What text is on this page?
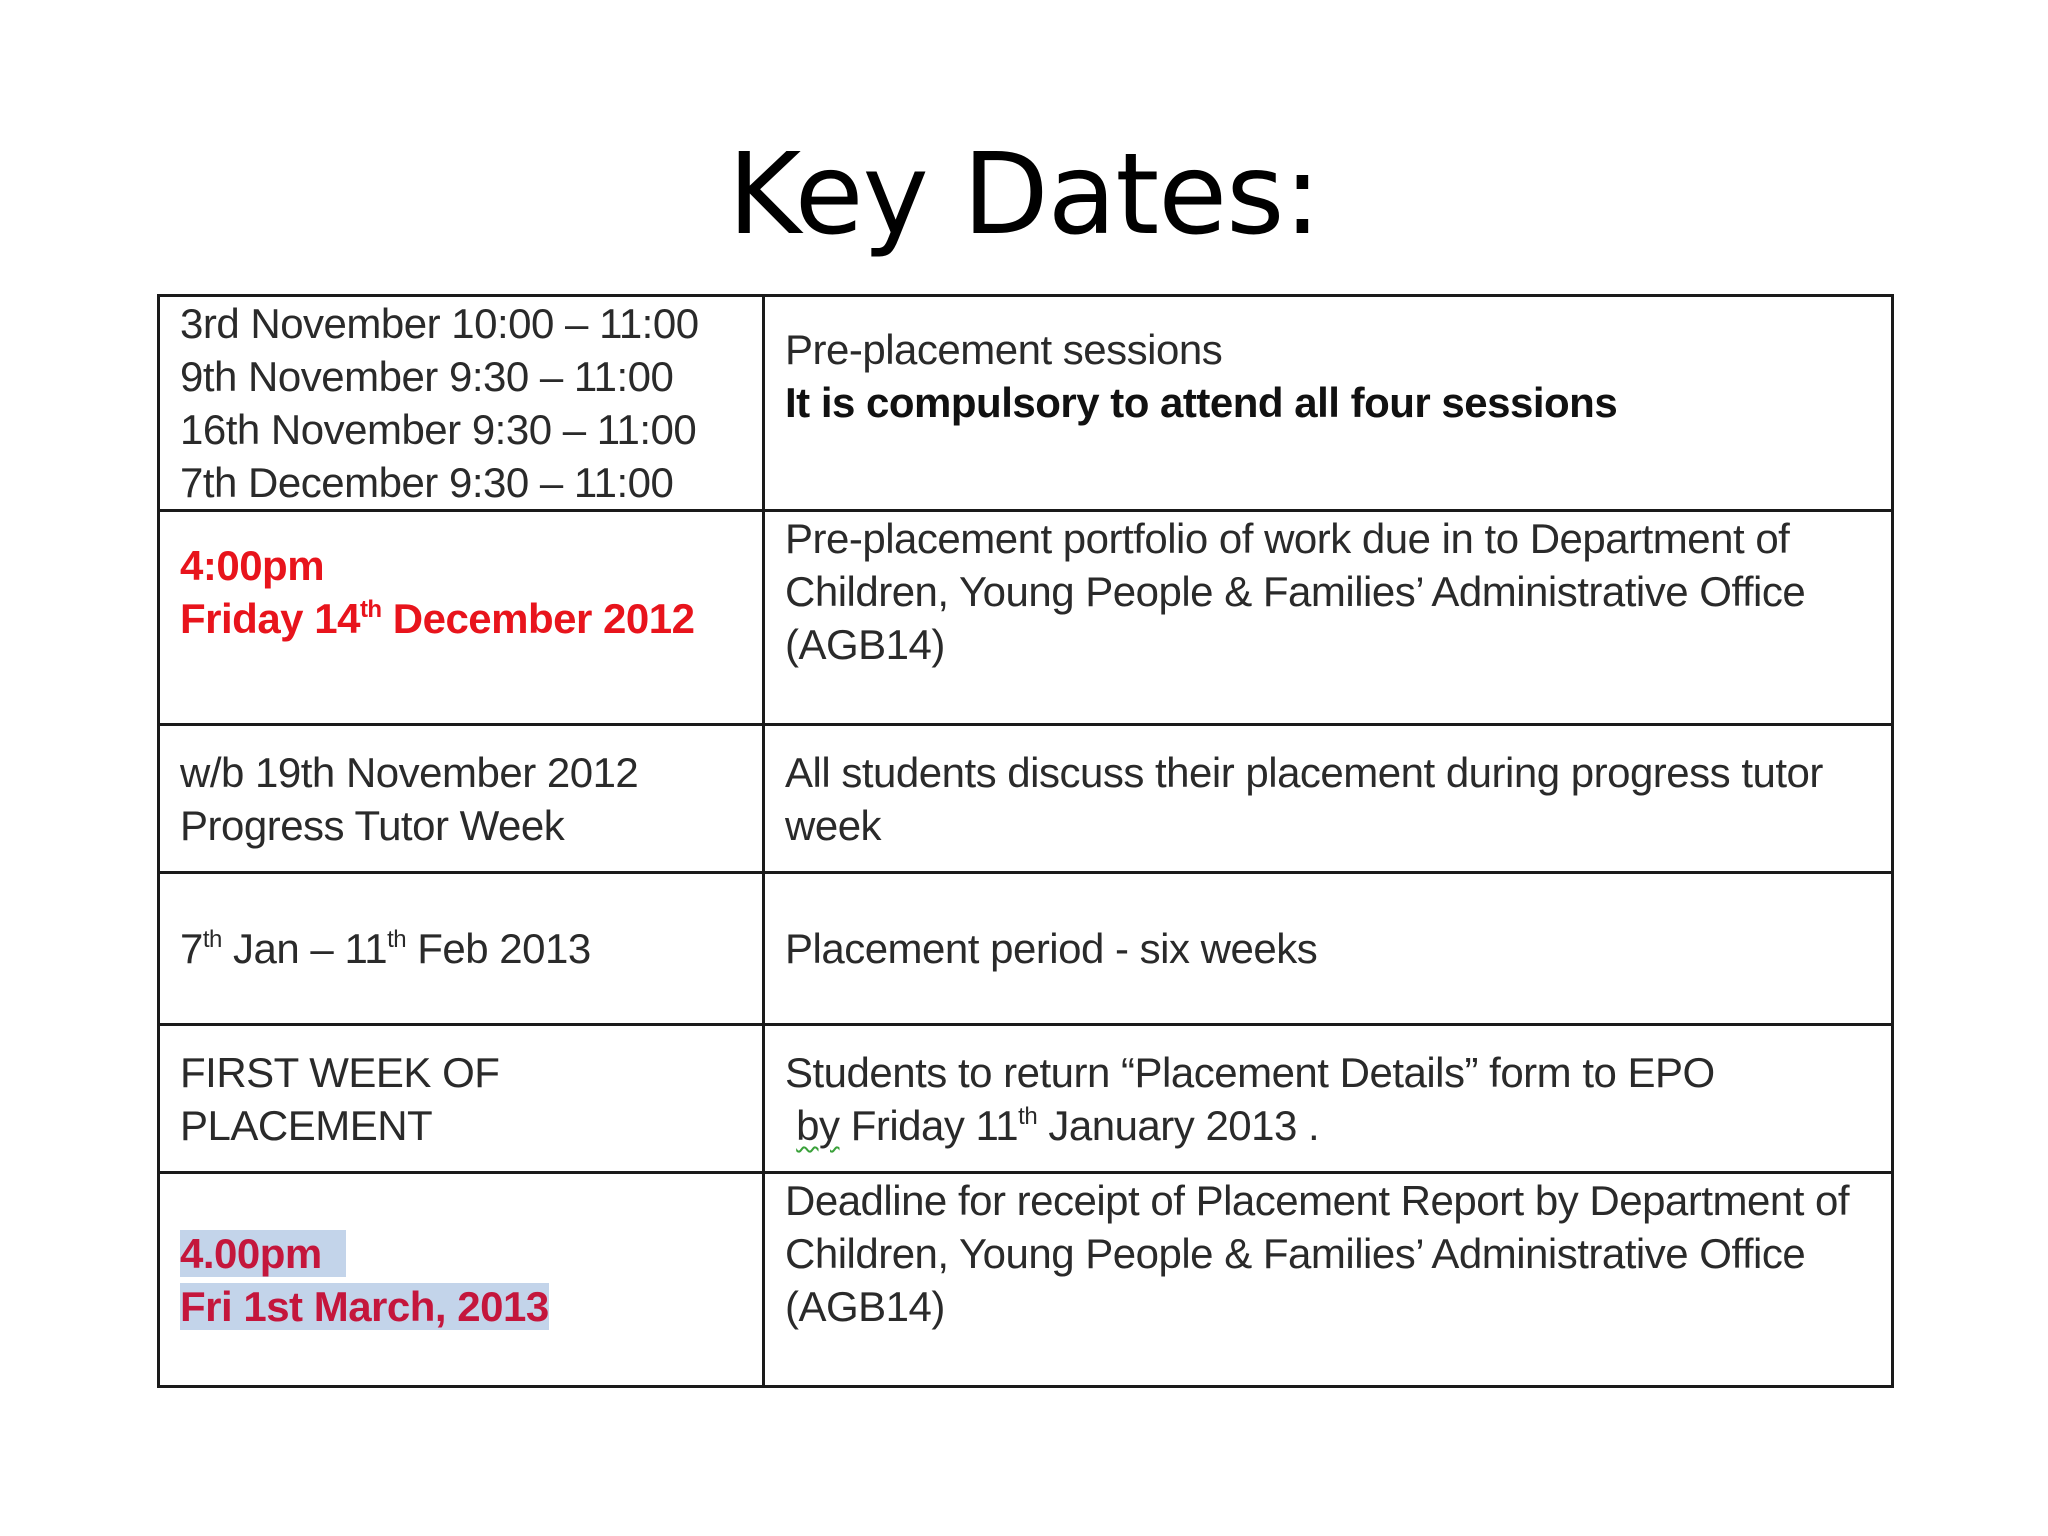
Key Dates:
3rd November 10:00 – 11:00
9th November 9:30 – 11:00
16th November 9:30 – 11:00
7th December 9:30 – 11:00	Pre-placement sessions
It is compulsory to attend all four sessions

4:00pm
Friday 14th December 2012	Pre-placement portfolio of work due in to Department of
Children, Young People & Families’ Administrative Office
(AGB14)

w/b 19th November 2012
Progress Tutor Week	All students discuss their placement during progress tutor
week

7th Jan – 11th Feb 2013	Placement period - six weeks

FIRST WEEK OF
PLACEMENT	Students to return “Placement Details” form to EPO
by Friday 11th January 2013 .

4.00pm
Fri 1st March, 2013	Deadline for receipt of Placement Report by Department of
Children, Young People & Families’ Administrative Office
(AGB14)
